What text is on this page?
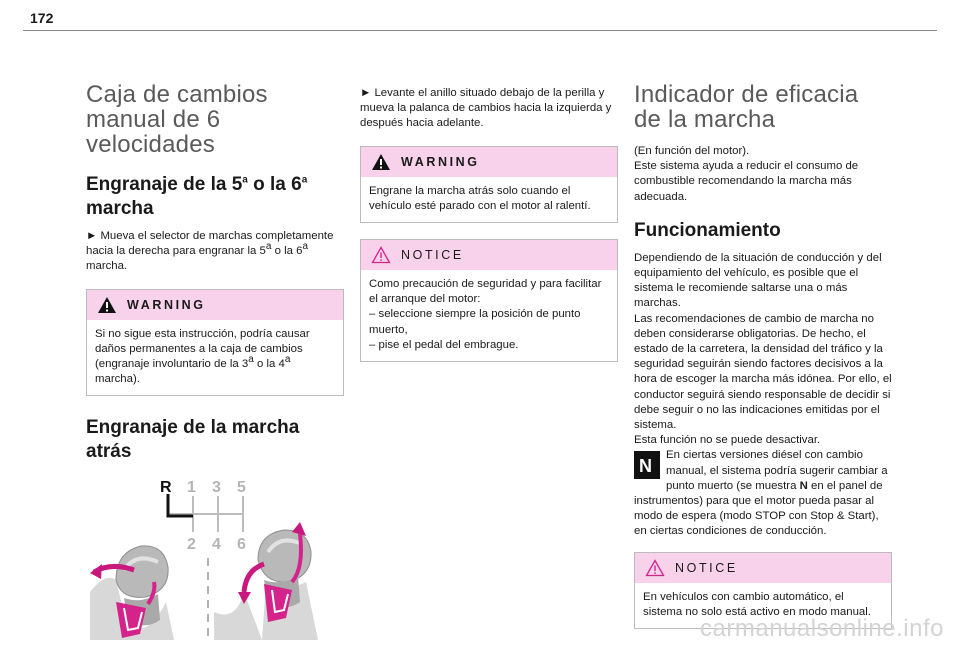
172
Caja de cambios manual de 6 velocidades
Engranaje de la 5$^a$ o la 6$^a$ marcha

► Mueva el selector de marchas completamente hacia la derecha para engranar la 5$^a$ o la 6$^a$ marcha.

WARNING
Si no sigue esta instrucción, podría causar daños permanentes a la caja de cambios (engranaje involuntario de la 3$^a$ o la 4$^a$ marcha).
Engranaje de la marcha atrás
R 1 3 5
2 4 6

► Levante el anillo situado debajo de la perilla y mueva la palanca de cambios hacia la izquierda y después hacia adelante.

WARNING
Engrane la marcha atrás solo cuando el vehículo esté parado con el motor al ralentí.
NOTICE
Como precaución de seguridad y para facilitar el arranque del motor:
– seleccione siempre la posición de punto muerto,
– pise el pedal del embrague.
Indicador de eficacia de la marcha

(En función del motor).

Este sistema ayuda a reducir el consumo de combustible recomendando la marcha más adecuada.

Funcionamiento

Dependiendo de la situación de conducción y del equipamiento del vehículo, es posible que el sistema le recomiende saltarse una o más marchas.

Las recomendaciones de cambio de marcha no deben considerarse obligatorias. De hecho, el estado de la carretera, la densidad del tráfico y la seguridad seguirán siendo factores decisivos a la hora de escoger la marcha más idónea. Por ello, el conductor seguirá siendo responsable de decidir si debe seguir o no las indicaciones emitidas por el sistema.

Esta función no se puede desactivar.

N
En ciertas versiones diésel con cambio manual, el sistema podría sugerir cambiar a punto muerto (se muestra N en el panel de instrumentos) para que el motor pueda pasar al modo de espera (modo STOP con Stop & Start), en ciertas condiciones de conducción.

NOTICE
En vehículos con cambio automático, el sistema no solo está activo en modo manual.
carmanualsonline.info
